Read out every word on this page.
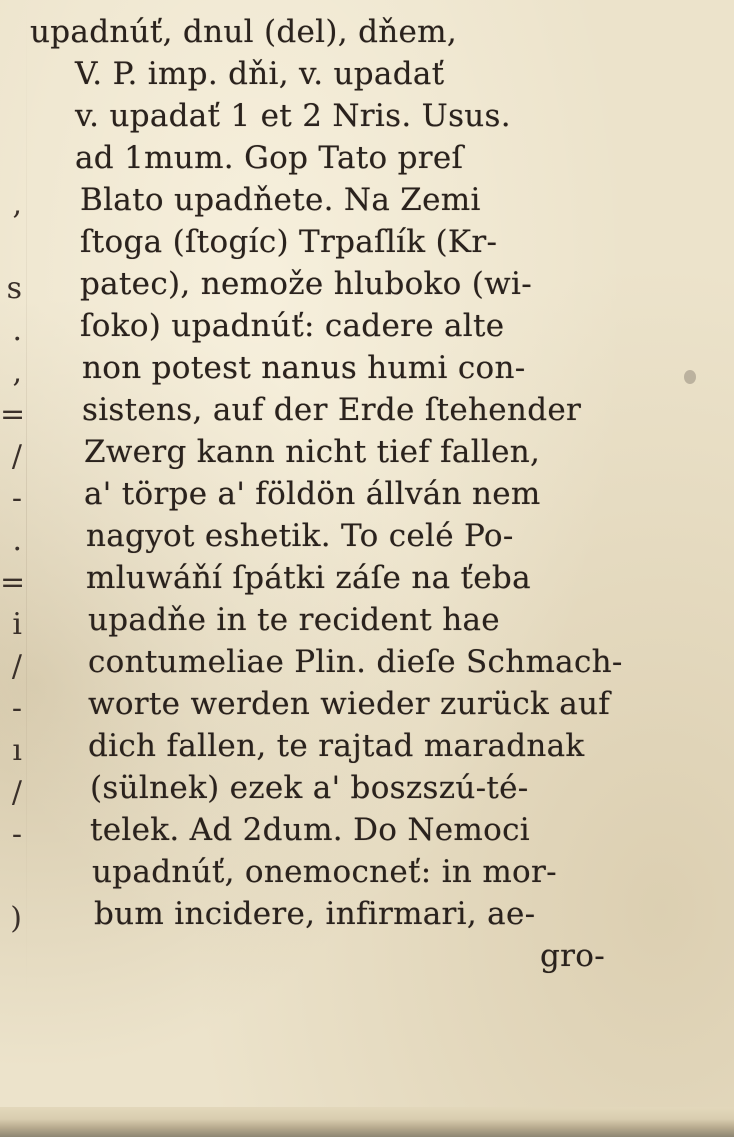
upadnúť, dnul (del), dňem,
V. P. imp. dňi, v. upadať
v. upadať 1 et 2 Nris. Usus.
ad 1mum. Gop Tato preſ
Blato upadňete. Na Zemi
ſtoga (ſtogíc) Trpaſlík (Kr-
patec), nemože hluboko (wi-
ſoko) upadnúť: cadere alte
non potest nanus humi con-
sistens, auf der Erde ſtehender
Zwerg kann nicht tief fallen,
a' törpe a' földön állván nem
nagyot eshetik. To celé Po-
mluwáňí ſpátki záſe na ťeba
upadňe in te recident hae
contumeliae Plin. dieſe Schmach-
worte werden wieder zurück auf
dich fallen, te rajtad maradnak
(sülnek) ezek a' boszszú-té-
telek. Ad 2dum. Do Nemoci
upadnúť, onemocneť: in mor-
bum incidere, infirmari, ae-
gro-
,
s
.
,
=
/
-
.
=
i
/
-
ı
/
-
)
